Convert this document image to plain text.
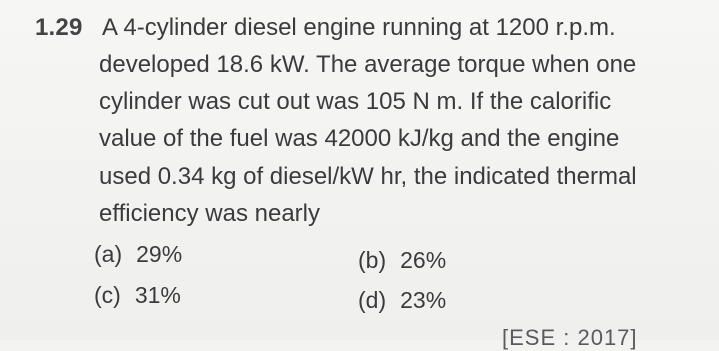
1.29 A 4-cylinder diesel engine running at 1200 r.p.m.
developed 18.6 kW. The average torque when one
cylinder was cut out was 105 N m. If the calorific
value of the fuel was 42000 kJ/kg and the engine
used 0.34 kg of diesel/kW hr, the indicated thermal
efficiency was nearly
(a) 29%	(b) 26%
(c) 31%	(d) 23%
[ESE : 2017]
